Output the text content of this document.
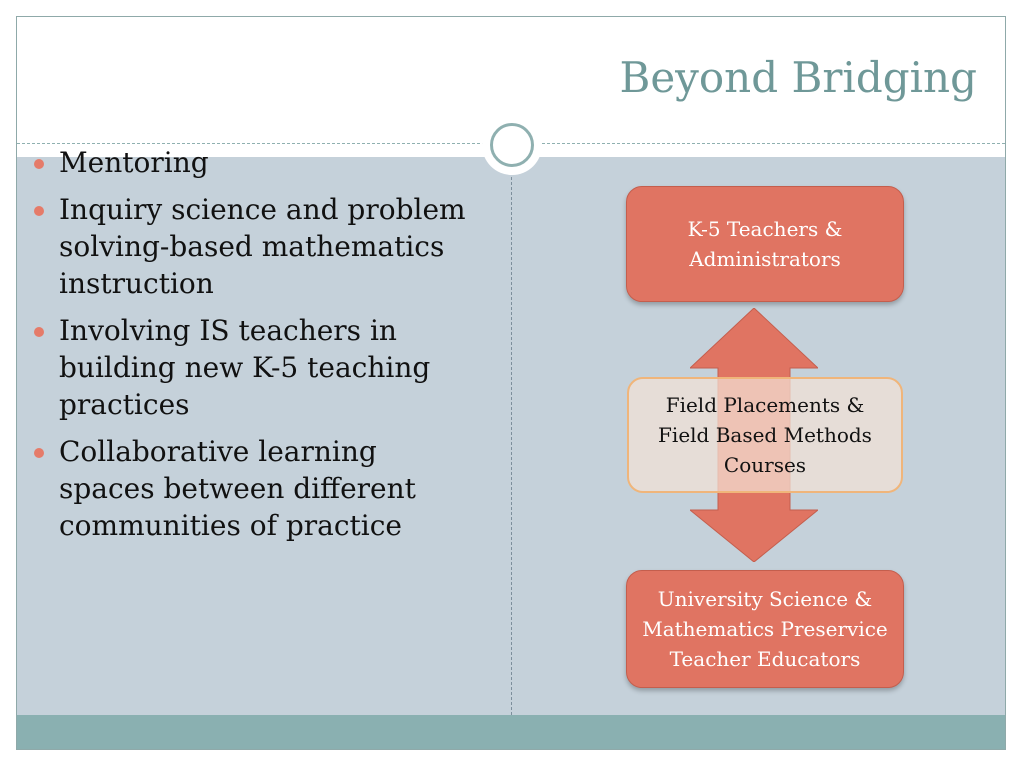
Beyond Bridging
Mentoring
Inquiry science and problem solving-based mathematics instruction
Involving IS teachers in building new K-5 teaching practices
Collaborative learning spaces between different communities of practice
K-5 Teachers & Administrators
Field Placements & Field Based Methods Courses
University Science & Mathematics Preservice Teacher Educators
